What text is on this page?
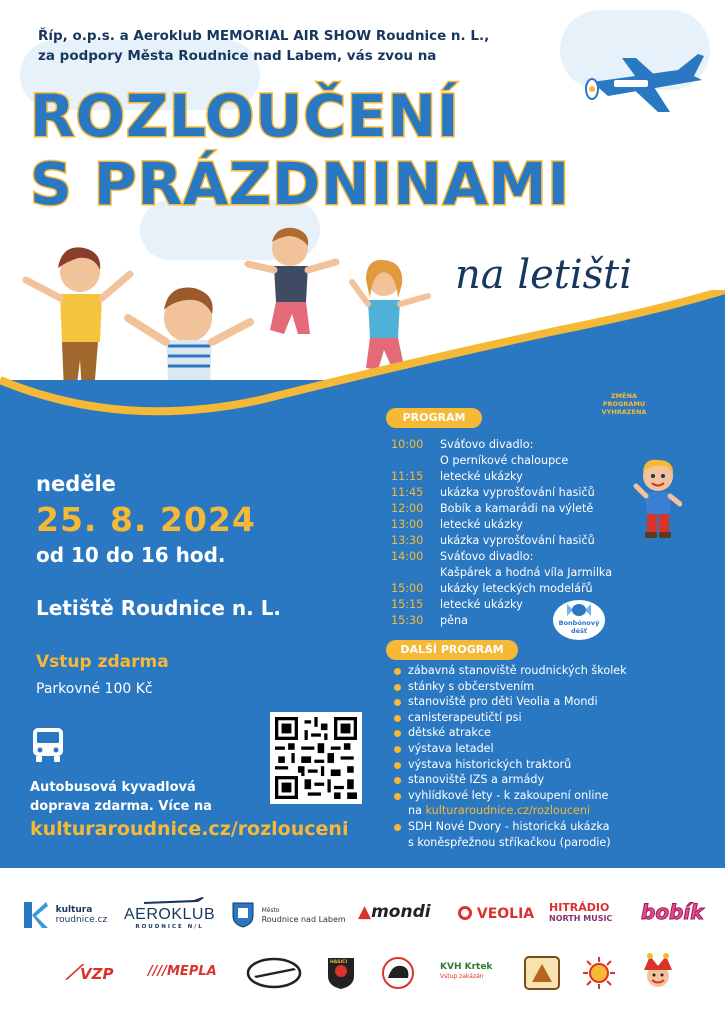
Říp, o.p.s. a Aeroklub MEMORIAL AIR SHOW Roudnice n. L.,
za podpory Města Roudnice nad Labem, vás zvou na
ROZLOUČENÍ
S PRÁZDNINAMI
na letišti
neděle
25. 8. 2024
od 10 do 16 hod.
Letiště Roudnice n. L.
Vstup zdarma
Parkovné 100 Kč
Autobusová kyvadlová
doprava zdarma. Více na
kulturaroudnice.cz/rozlouceni
PROGRAM
ZMĚNA PROGRAMU VYHRAZENA
10:00	Sváťovo divadlo:
O perníkové chaloupce
11:15	letecké ukázky
11:45	ukázka vyprošťování hasičů
12:00	Bobík a kamarádi na výletě
13:00	letecké ukázky
13:30	ukázka vyprošťování hasičů
14:00	Sváťovo divadlo:
Kašpárek a hodná víla Jarmilka
15:00	ukázky leteckých modelářů
15:15	letecké ukázky
15:30	pěna	Bonbónový déšť
DALŠÍ PROGRAM
zábavná stanoviště roudnických školek
stánky s občerstvením
stanoviště pro děti Veolia a Mondi
canisterapeutičtí psi
dětské atrakce
výstava letadel
výstava historických traktorů
stanoviště IZS a armády
vyhlídkové lety - k zakoupení online
na kulturaroudnice.cz/rozlouceni
SDH Nové Dvory - historická ukázka
s koněspřežnou stříkačkou (parodie)

kultura
roudnice.cz AEROKLUB
ROUDNICE N/L

Město
Roudnice nad Labem ▲mondi	VEOLIA HITRÁDIO
NORTH MUSIC bobík
⟋VZP	////MEPLA
HASIČI	KVH Krtek
Vstup zakázán
